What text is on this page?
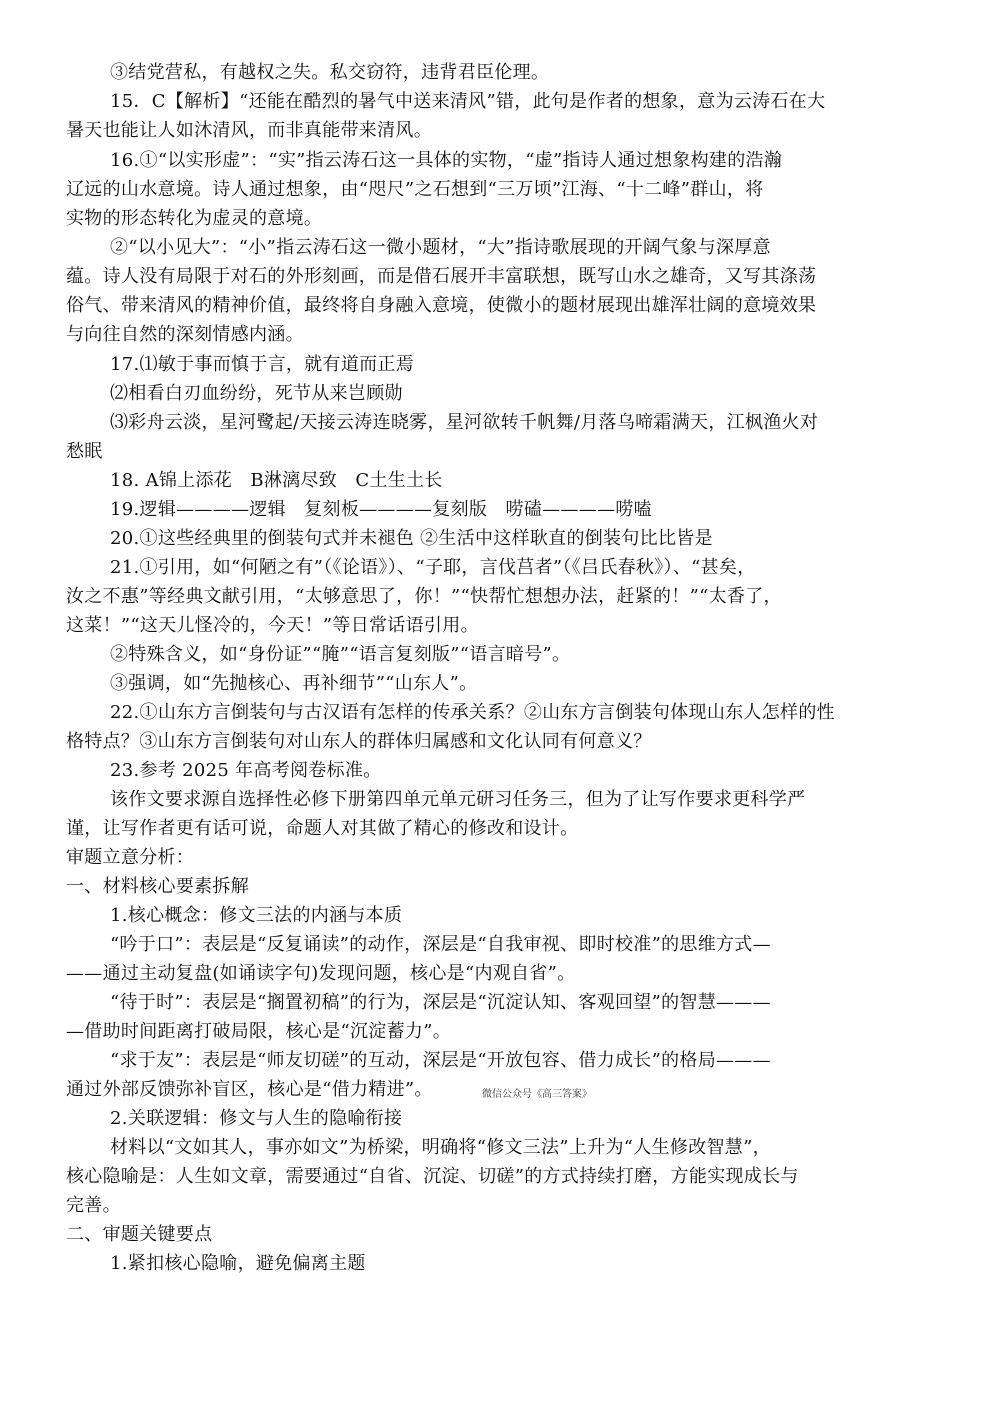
③结党营私，有越权之失。私交窃符，违背君臣伦理。
15．C【解析】“还能在酷烈的暑气中送来清风”错，此句是作者的想象，意为云涛石在大
暑天也能让人如沐清风，而非真能带来清风。
16.①“以实形虚”：“实”指云涛石这一具体的实物，“虚”指诗人通过想象构建的浩瀚
辽远的山水意境。诗人通过想象，由“咫尺”之石想到“三万顷”江海、“十二峰”群山，将
实物的形态转化为虚灵的意境。
②“以小见大”：“小”指云涛石这一微小题材，“大”指诗歌展现的开阔气象与深厚意
蕴。诗人没有局限于对石的外形刻画，而是借石展开丰富联想，既写山水之雄奇，又写其涤荡
俗气、带来清风的精神价值，最终将自身融入意境，使微小的题材展现出雄浑壮阔的意境效果
与向往自然的深刻情感内涵。
17.⑴敏于事而慎于言，就有道而正焉
⑵相看白刃血纷纷，死节从来岂顾勋
⑶彩舟云淡，星河鹭起/天接云涛连晓雾，星河欲转千帆舞/月落乌啼霜满天，江枫渔火对
愁眠
18. A锦上添花　B淋漓尽致　C土生土长
19.逻辑————逻辑　复刻板————复刻版　唠磕————唠嗑
20.①这些经典里的倒装句式并未褪色 ②生活中这样耿直的倒装句比比皆是
21.①引用，如“何陋之有”（《论语》）、“子耶，言伐莒者”（《吕氏春秋》）、“甚矣，
汝之不惠”等经典文献引用，“太够意思了，你！”“快帮忙想想办法，赶紧的！”“太香了，
这菜！”“这天儿怪冷的，今天！”等日常话语引用。
②特殊含义，如“身份证”“腌”“语言复刻版”“语言暗号”。
③强调，如“先抛核心、再补细节”“山东人”。
22.①山东方言倒装句与古汉语有怎样的传承关系？②山东方言倒装句体现山东人怎样的性
格特点？③山东方言倒装句对山东人的群体归属感和文化认同有何意义？
23.参考 2025 年高考阅卷标准。
该作文要求源自选择性必修下册第四单元单元研习任务三，但为了让写作要求更科学严
谨，让写作者更有话可说，命题人对其做了精心的修改和设计。
审题立意分析：
一、材料核心要素拆解
1.核心概念：修文三法的内涵与本质
“吟于口”：表层是“反复诵读”的动作，深层是“自我审视、即时校准”的思维方式—
——通过主动复盘(如诵读字句)发现问题，核心是“内观自省”。
“待于时”：表层是“搁置初稿”的行为，深层是“沉淀认知、客观回望”的智慧———
—借助时间距离打破局限，核心是“沉淀蓄力”。
“求于友”：表层是“师友切磋”的互动，深层是“开放包容、借力成长”的格局———
通过外部反馈弥补盲区，核心是“借力精进”。
2.关联逻辑：修文与人生的隐喻衔接
材料以“文如其人，事亦如文”为桥梁，明确将“修文三法”上升为“人生修改智慧”，
核心隐喻是：人生如文章，需要通过“自省、沉淀、切磋”的方式持续打磨，方能实现成长与
完善。
二、审题关键要点
1.紧扣核心隐喻，避免偏离主题
微信公众号《高三答案》
